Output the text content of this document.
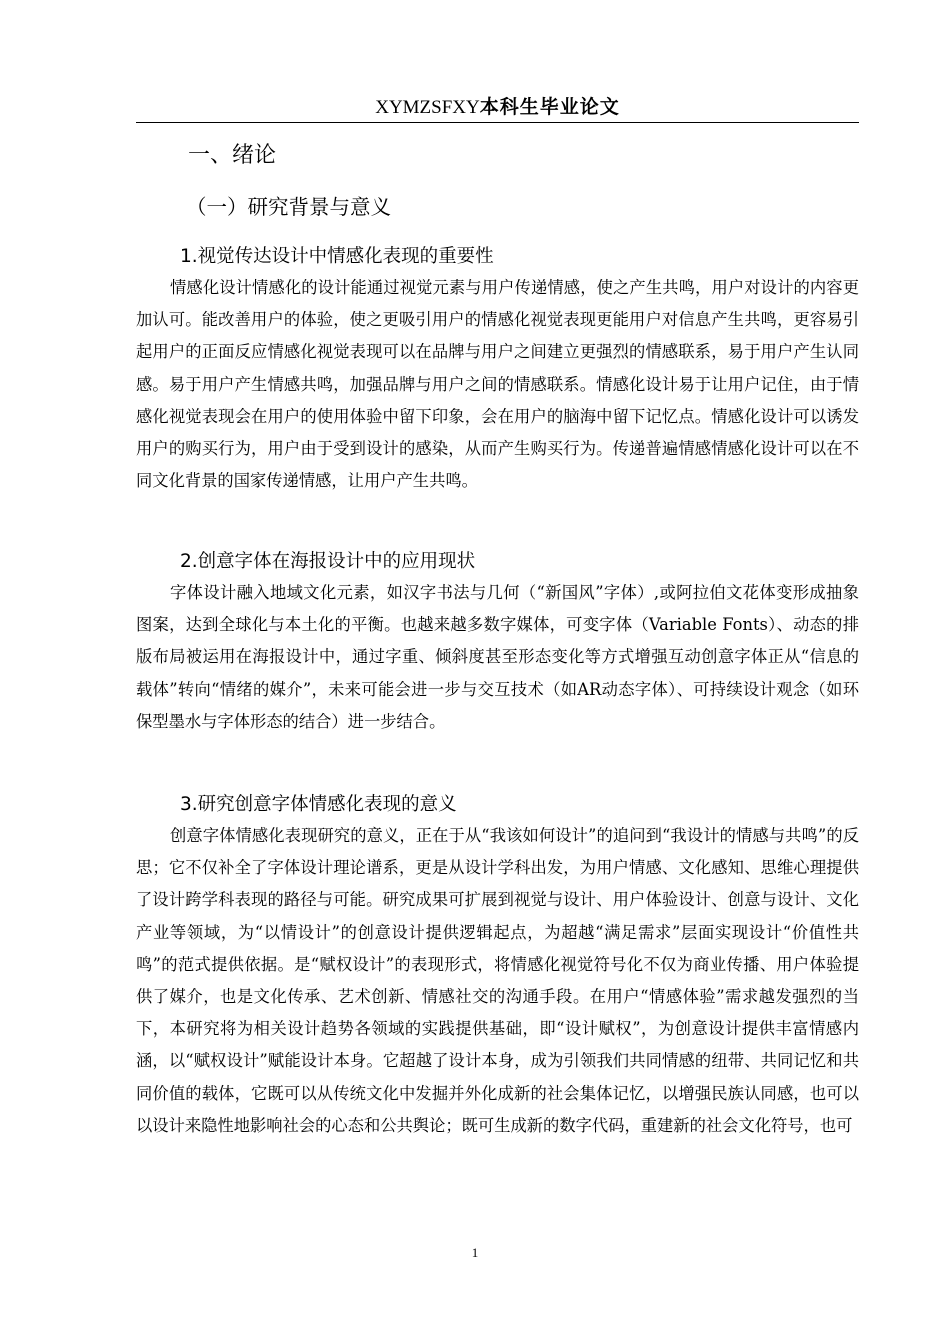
XYMZSFXY本科生毕业论文
一、绪论
（一）研究背景与意义
1.视觉传达设计中情感化表现的重要性

情感化设计情感化的设计能通过视觉元素与用户传递情感，使之产生共鸣，用户对设计的内容更加认可。能改善用户的体验，使之更吸引用户的情感化视觉表现更能用户对信息产生共鸣，更容易引起用户的正面反应情感化视觉表现可以在品牌与用户之间建立更强烈的情感联系，易于用户产生认同感。易于用户产生情感共鸣，加强品牌与用户之间的情感联系。情感化设计易于让用户记住，由于情感化视觉表现会在用户的使用体验中留下印象，会在用户的脑海中留下记忆点。情感化设计可以诱发用户的购买行为，用户由于受到设计的感染，从而产生购买行为。传递普遍情感情感化设计可以在不同文化背景的国家传递情感，让用户产生共鸣。

2.创意字体在海报设计中的应用现状

字体设计融入地域文化元素，如汉字书法与几何（“新国风”字体）,或阿拉伯文花体变形成抽象图案，达到全球化与本土化的平衡。也越来越多数字媒体，可变字体（Variable Fonts）、动态的排版布局被运用在海报设计中，通过字重、倾斜度甚至形态变化等方式增强互动创意字体正从“信息的载体”转向“情绪的媒介”，未来可能会进一步与交互技术（如AR动态字体）、可持续设计观念（如环保型墨水与字体形态的结合）进一步结合。

3.研究创意字体情感化表现的意义

创意字体情感化表现研究的意义，正在于从“我该如何设计”的追问到“我设计的情感与共鸣”的反思；它不仅补全了字体设计理论谱系，更是从设计学科出发，为用户情感、文化感知、思维心理提供了设计跨学科表现的路径与可能。研究成果可扩展到视觉与设计、用户体验设计、创意与设计、文化产业等领域，为“以情设计”的创意设计提供逻辑起点，为超越“满足需求”层面实现设计“价值性共鸣”的范式提供依据。是“赋权设计”的表现形式，将情感化视觉符号化不仅为商业传播、用户体验提供了媒介，也是文化传承、艺术创新、情感社交的沟通手段。在用户“情感体验”需求越发强烈的当下，本研究将为相关设计趋势各领域的实践提供基础，即“设计赋权”，为创意设计提供丰富情感内涵，以“赋权设计”赋能设计本身。它超越了设计本身，成为引领我们共同情感的纽带、共同记忆和共同价值的载体，它既可以从传统文化中发掘并外化成新的社会集体记忆，以增强民族认同感，也可以以设计来隐性地影响社会的心态和公共舆论；既可生成新的数字代码，重建新的社会文化符号，也可

1
